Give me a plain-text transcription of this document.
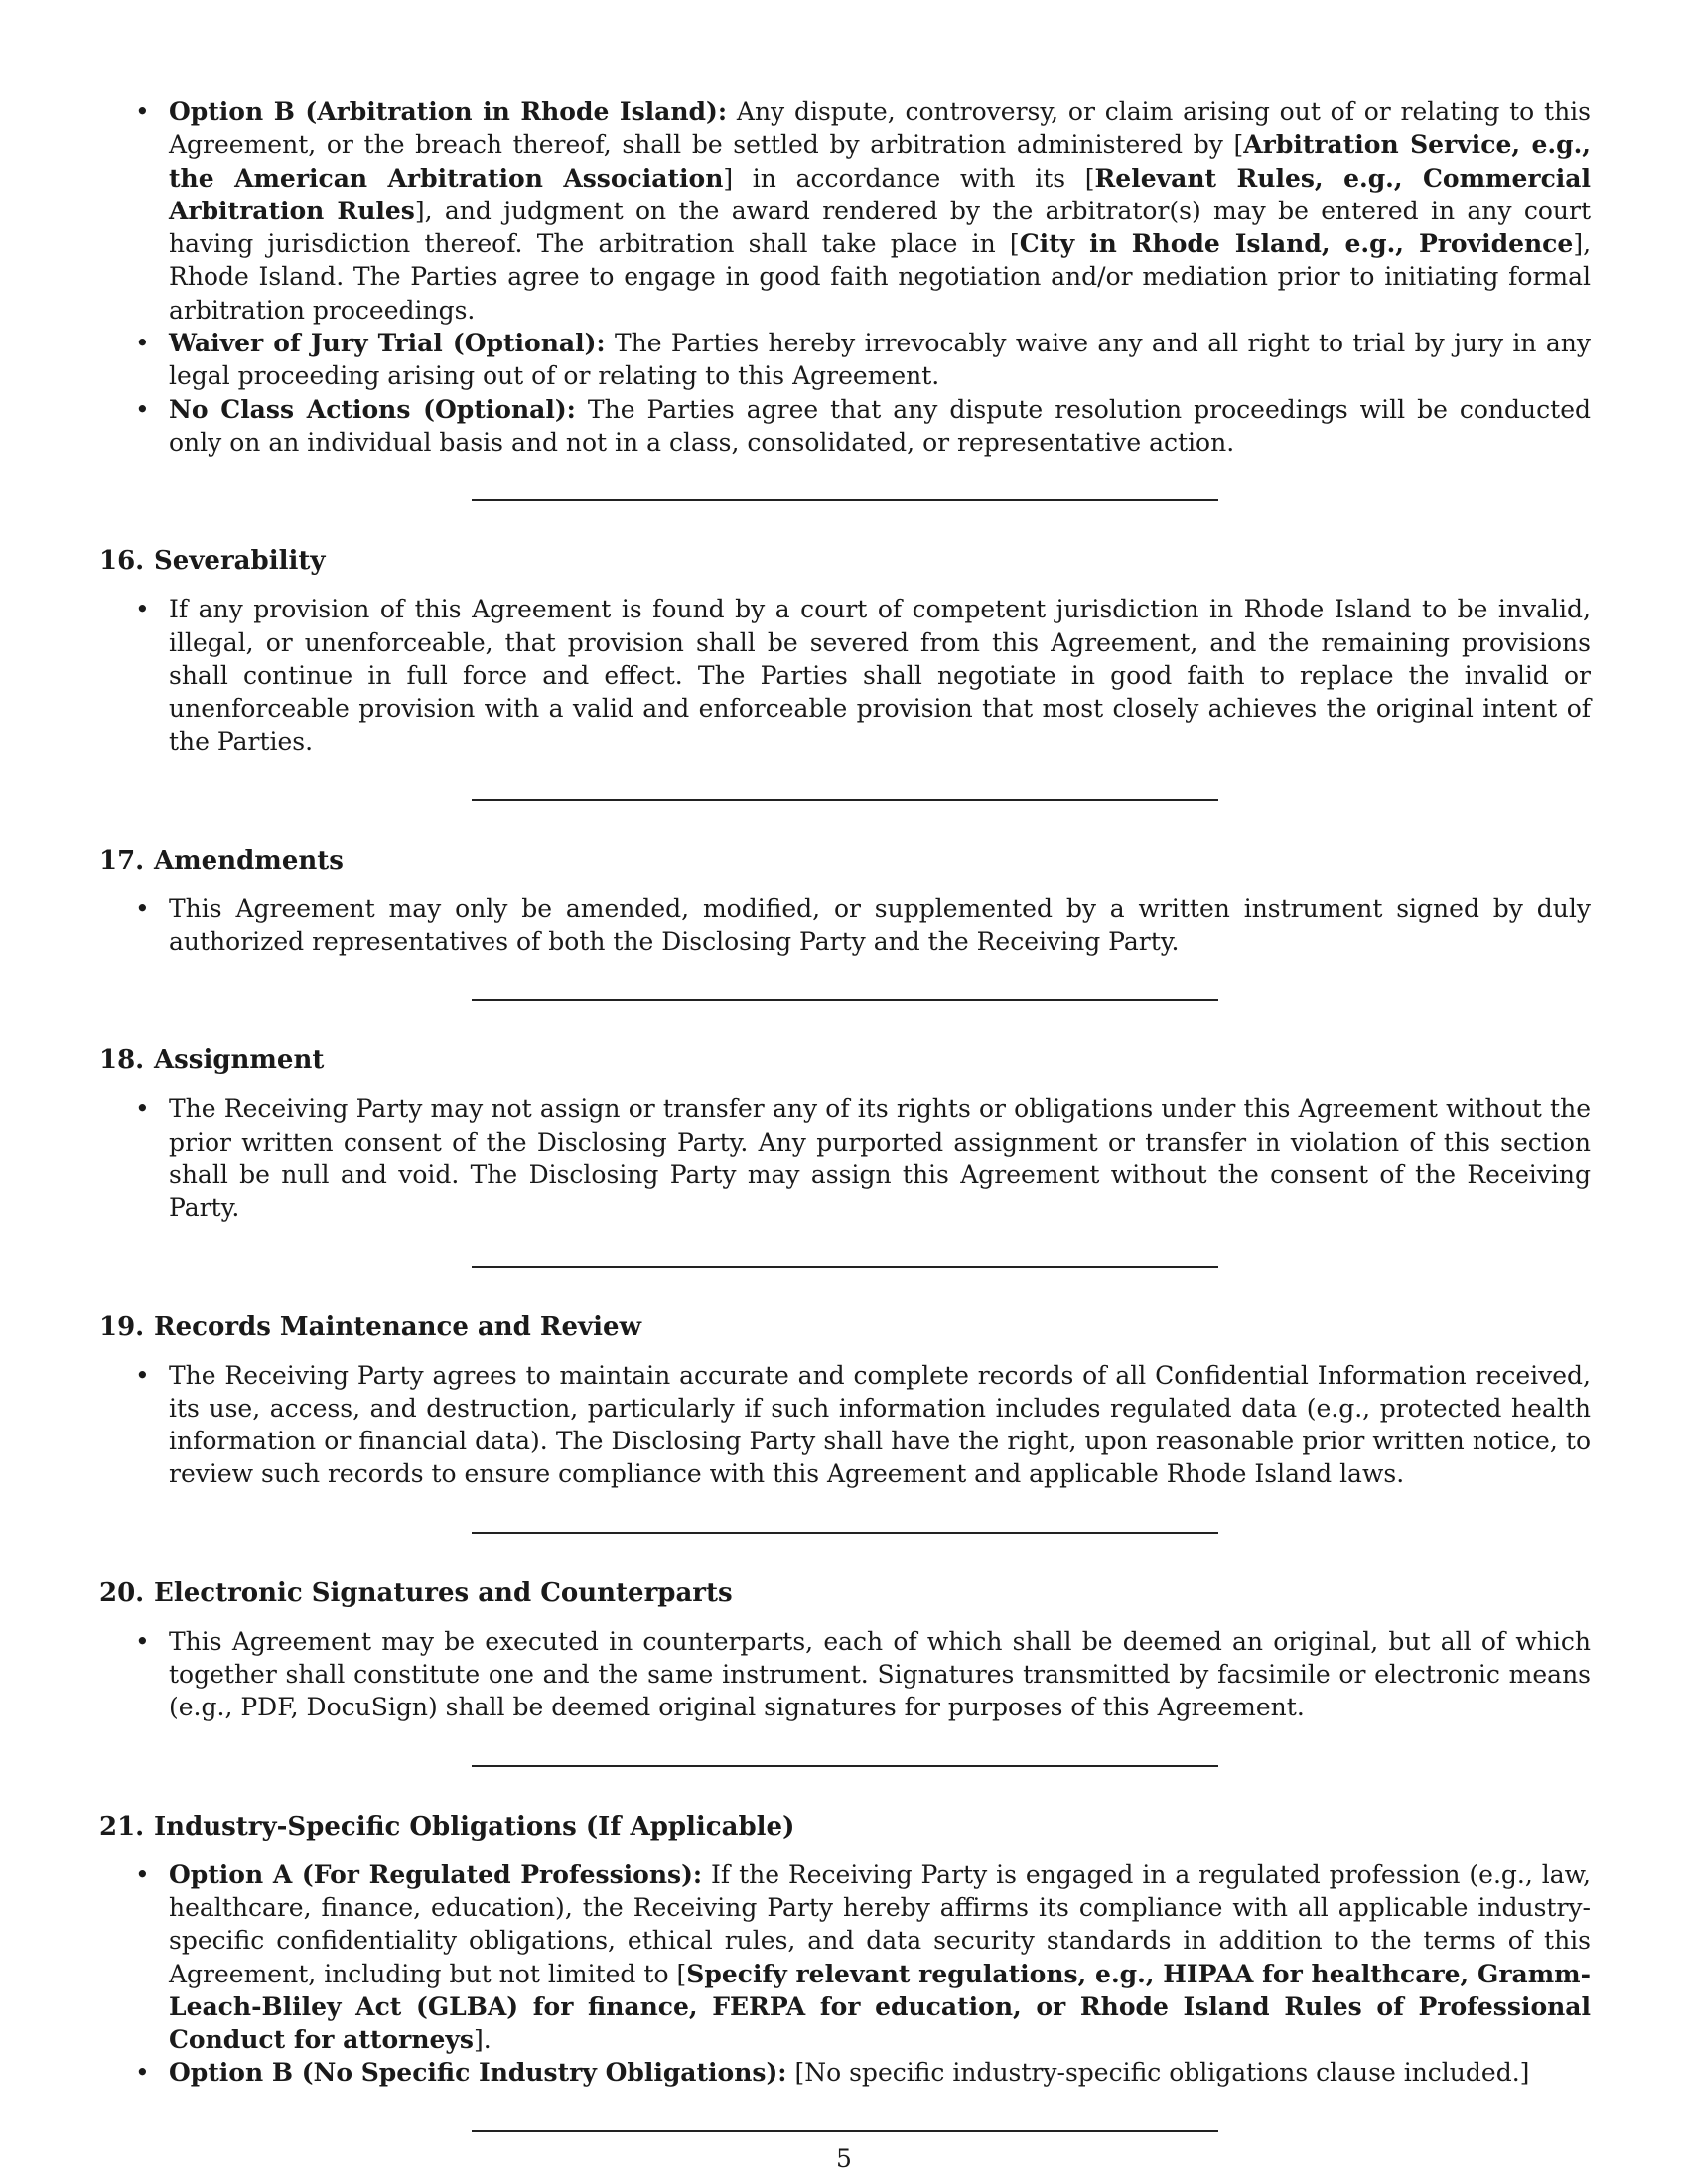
• Option B (Arbitration in Rhode Island): Any dispute, controversy, or claim arising out of or relating to this Agreement, or the breach thereof, shall be settled by arbitration administered by [Arbitration Service, e.g., the American Arbitration Association] in accordance with its [Relevant Rules, e.g., Commercial Arbitration Rules], and judgment on the award rendered by the arbitrator(s) may be entered in any court having jurisdiction thereof. The arbitration shall take place in [City in Rhode Island, e.g., Providence], Rhode Island. The Parties agree to engage in good faith negotiation and/or mediation prior to initiating formal arbitration proceedings.
• Waiver of Jury Trial (Optional): The Parties hereby irrevocably waive any and all right to trial by jury in any legal proceeding arising out of or relating to this Agreement.
• No Class Actions (Optional): The Parties agree that any dispute resolution proceedings will be conducted only on an individual basis and not in a class, consolidated, or representative action.
16. Severability
• If any provision of this Agreement is found by a court of competent jurisdiction in Rhode Island to be invalid, illegal, or unenforceable, that provision shall be severed from this Agreement, and the remaining provisions shall continue in full force and effect. The Parties shall negotiate in good faith to replace the invalid or unenforceable provision with a valid and enforceable provision that most closely achieves the original intent of the Parties.
17. Amendments
• This Agreement may only be amended, modified, or supplemented by a written instrument signed by duly authorized representatives of both the Disclosing Party and the Receiving Party.
18. Assignment
• The Receiving Party may not assign or transfer any of its rights or obligations under this Agreement without the prior written consent of the Disclosing Party. Any purported assignment or transfer in violation of this section shall be null and void. The Disclosing Party may assign this Agreement without the consent of the Receiving Party.
19. Records Maintenance and Review
• The Receiving Party agrees to maintain accurate and complete records of all Confidential Information received, its use, access, and destruction, particularly if such information includes regulated data (e.g., protected health information or financial data). The Disclosing Party shall have the right, upon reasonable prior written notice, to review such records to ensure compliance with this Agreement and applicable Rhode Island laws.
20. Electronic Signatures and Counterparts
• This Agreement may be executed in counterparts, each of which shall be deemed an original, but all of which together shall constitute one and the same instrument. Signatures transmitted by facsimile or electronic means (e.g., PDF, DocuSign) shall be deemed original signatures for purposes of this Agreement.
21. Industry-Specific Obligations (If Applicable)
• Option A (For Regulated Professions): If the Receiving Party is engaged in a regulated profession (e.g., law, healthcare, finance, education), the Receiving Party hereby affirms its compliance with all applicable industry-specific confidentiality obligations, ethical rules, and data security standards in addition to the terms of this Agreement, including but not limited to [Specify relevant regulations, e.g., HIPAA for healthcare, Gramm-Leach-Bliley Act (GLBA) for finance, FERPA for education, or Rhode Island Rules of Professional Conduct for attorneys].
• Option B (No Specific Industry Obligations): [No specific industry-specific obligations clause included.]
5
